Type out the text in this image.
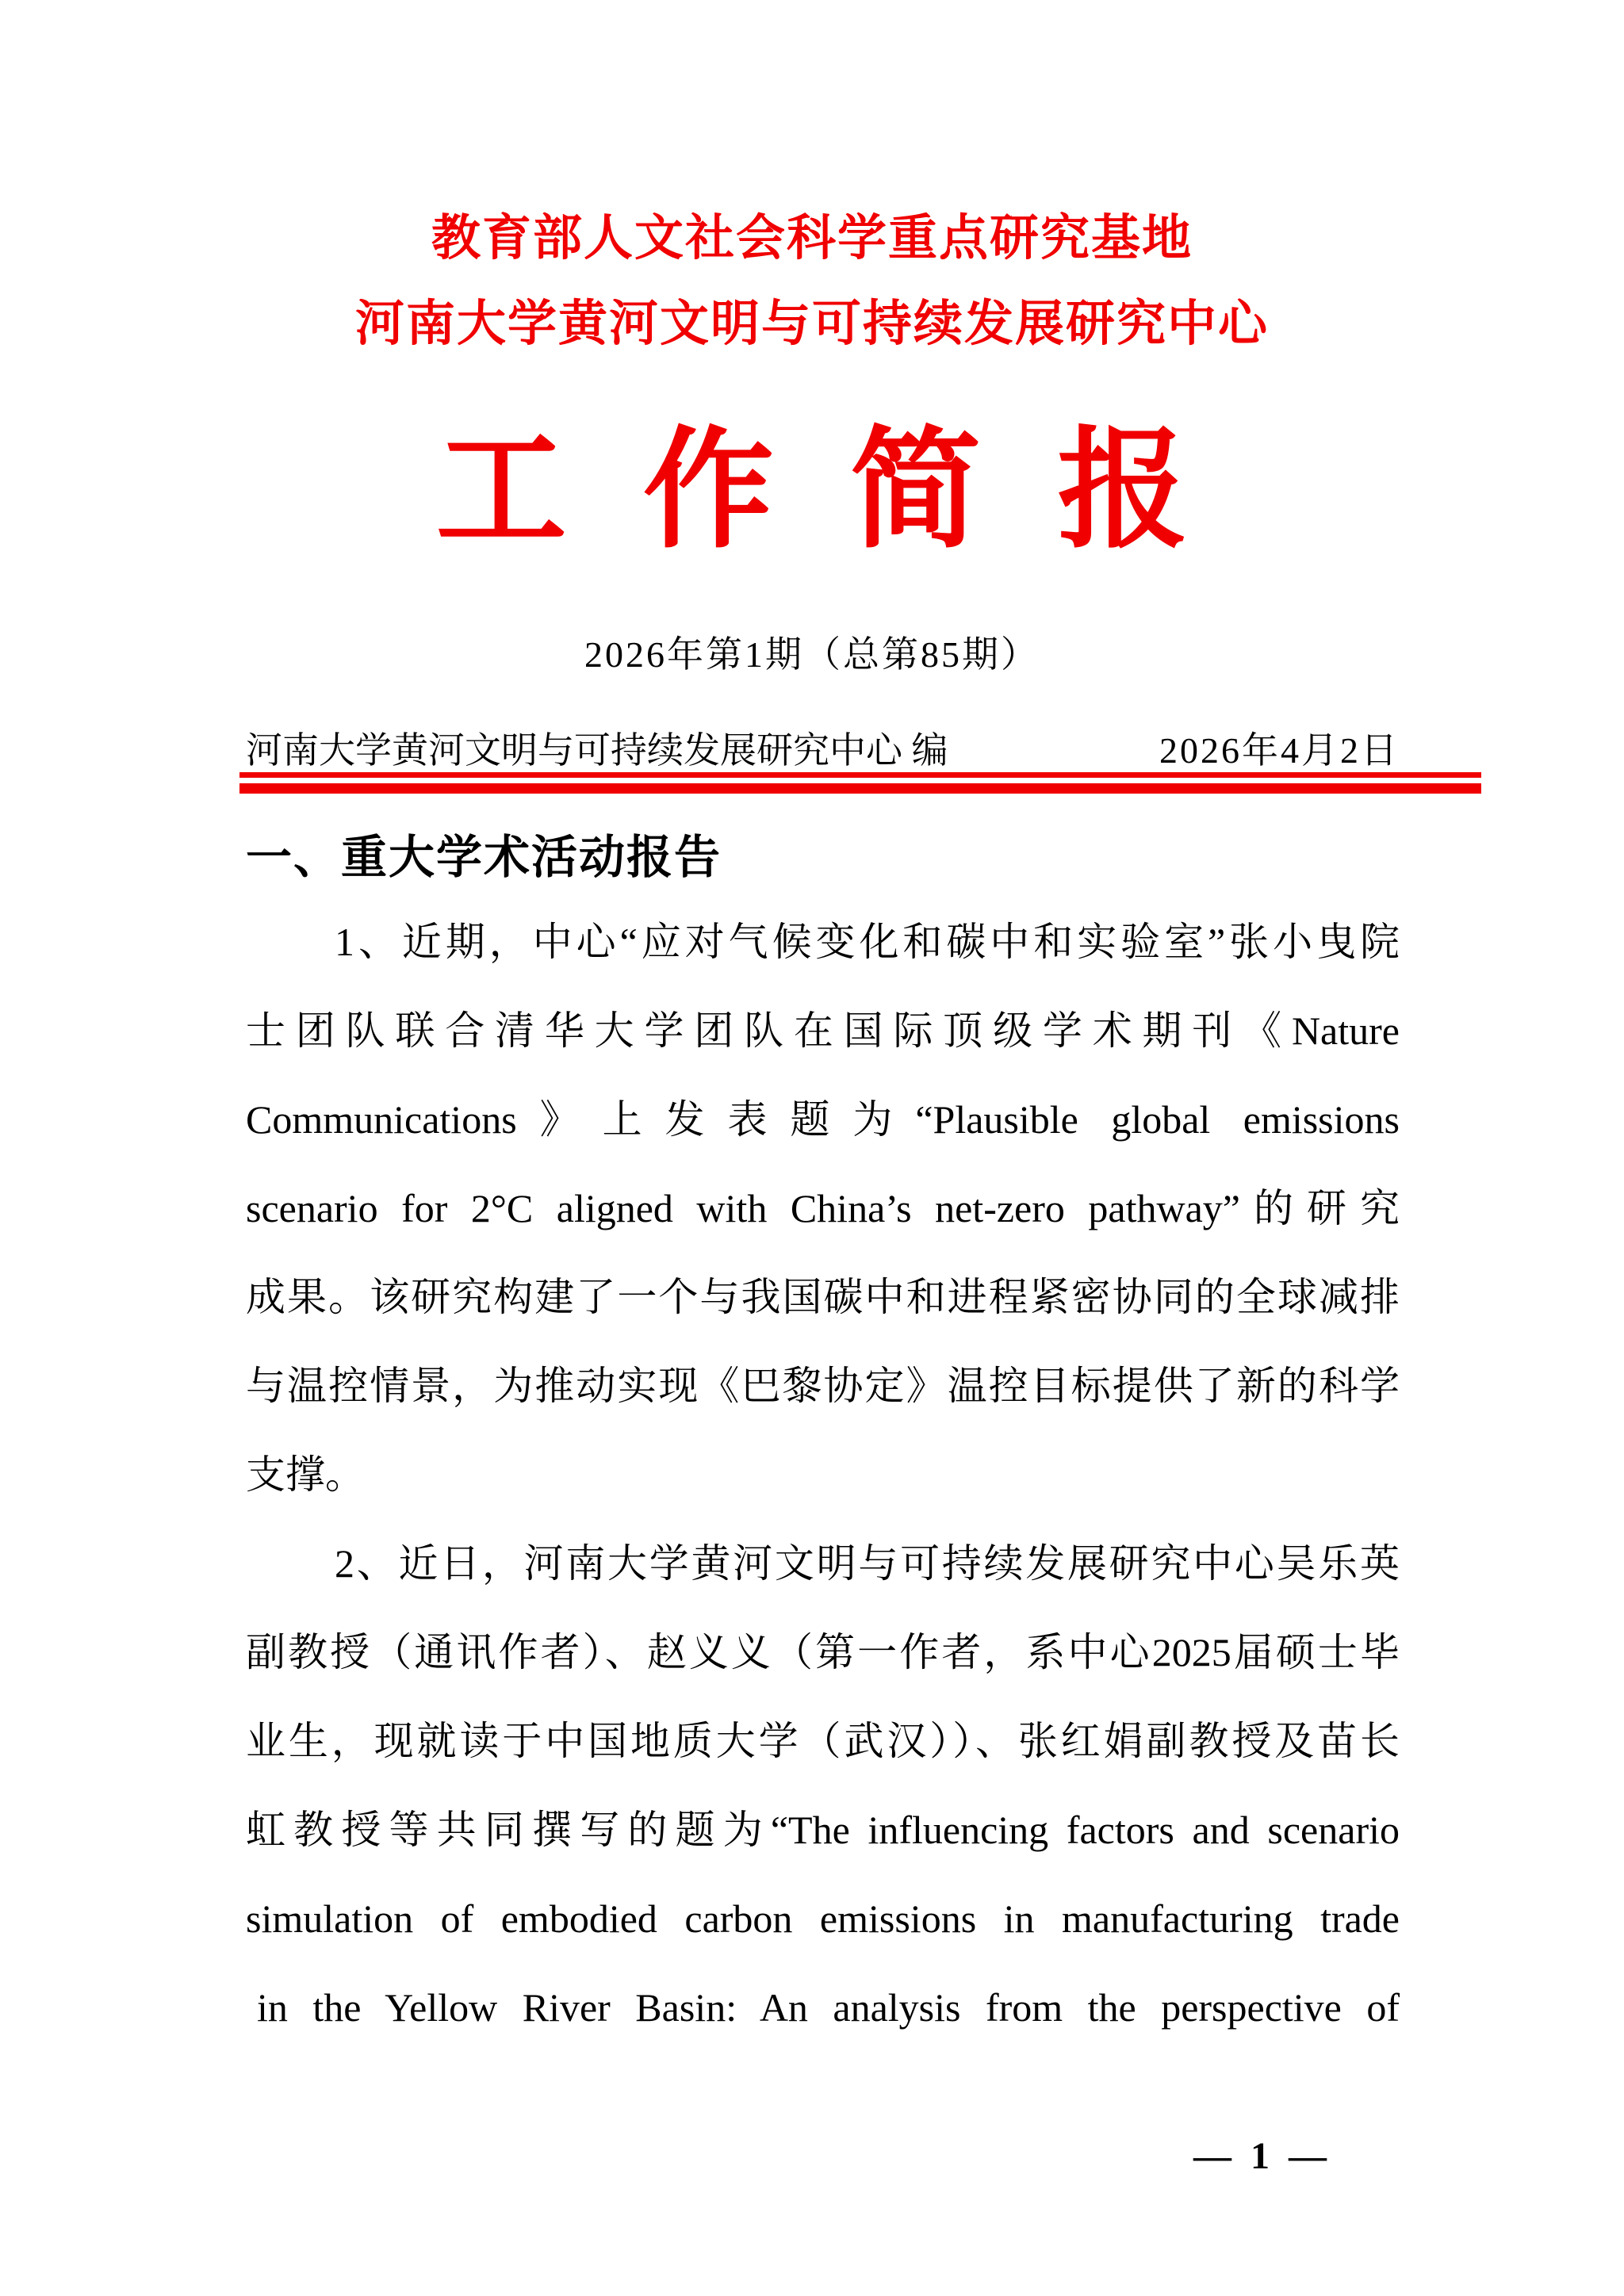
教育部人文社会科学重点研究基地
河南大学黄河文明与可持续发展研究中心
工 作 简 报
2026年第1期（总第85期）
河南大学黄河文明与可持续发展研究中心 编	2026年4月2日
一、重大学术活动报告
1、近期，中心“应对气候变化和碳中和实验室”张小曳院
士团队联合清华大学团队在国际顶级学术期刊《Nature
Communications》上发表题为“Plausible global emissions
scenario for 2°C aligned with China’s net-zero pathway”的研究
成果。该研究构建了一个与我国碳中和进程紧密协同的全球减排
与温控情景，为推动实现《巴黎协定》温控目标提供了新的科学
支撑。
2、近日，河南大学黄河文明与可持续发展研究中心吴乐英
副教授（通讯作者）、赵义义（第一作者，系中心2025届硕士毕
业生，现就读于中国地质大学（武汉））、张红娟副教授及苗长
虹教授等共同撰写的题为“The influencing factors and scenario
simulation of embodied carbon emissions in manufacturing trade
in the Yellow River Basin: An analysis from the perspective of
— 1 —
